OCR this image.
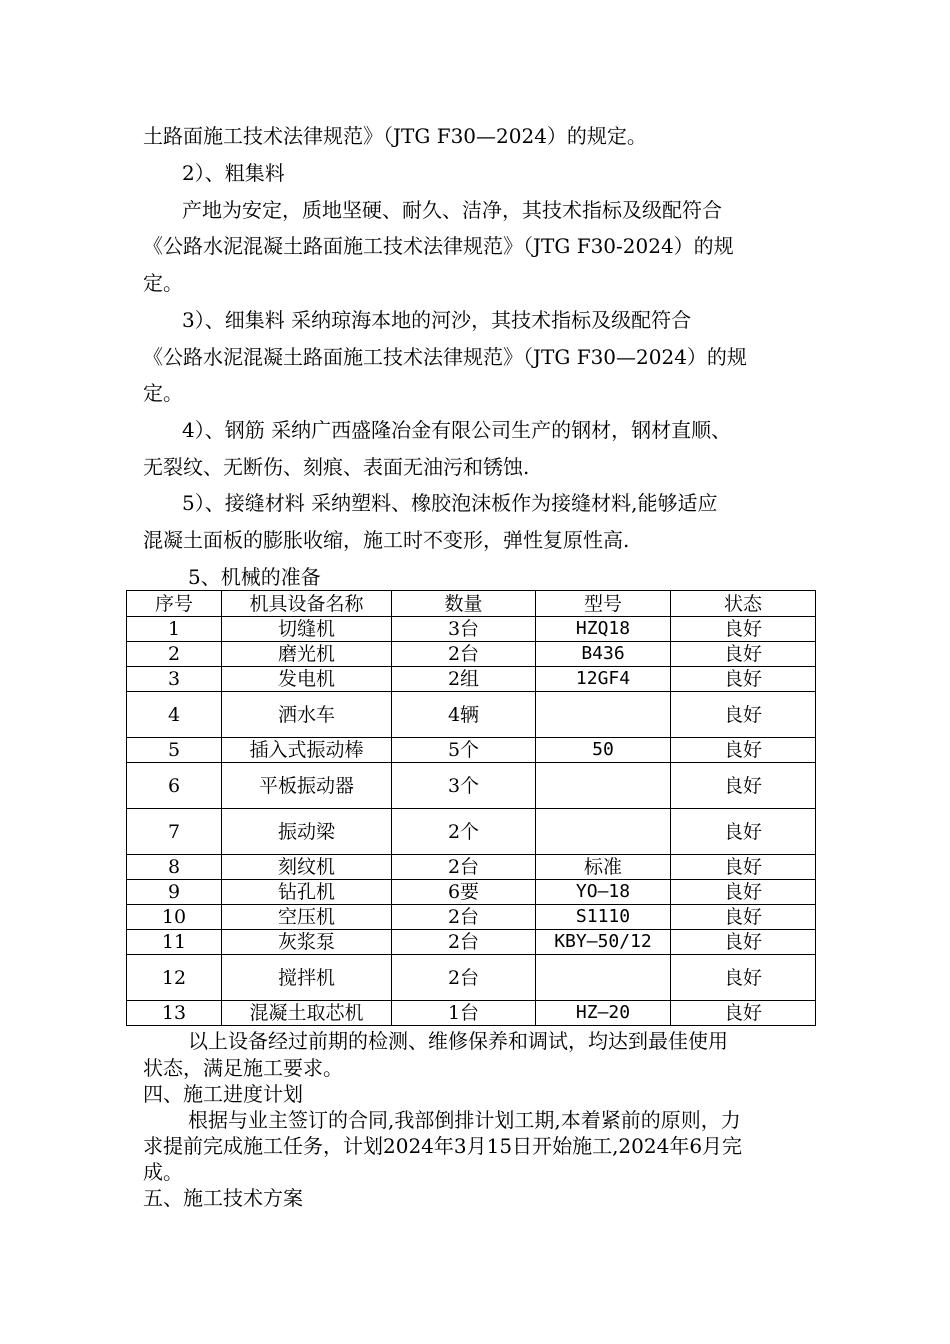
土路面施工技术法律规范》（JTG F30—2024）的规定。
2）、粗集料
产地为安定，质地坚硬、耐久、洁净，其技术指标及级配符合
《公路水泥混凝土路面施工技术法律规范》（JTG F30-2024）的规
定。
3）、细集料 采纳琼海本地的河沙，其技术指标及级配符合
《公路水泥混凝土路面施工技术法律规范》（JTG F30—2024）的规
定。
4）、钢筋 采纳广西盛隆冶金有限公司生产的钢材，钢材直顺、
无裂纹、无断伤、刻痕、表面无油污和锈蚀.
5）、接缝材料 采纳塑料、橡胶泡沫板作为接缝材料,能够适应
混凝土面板的膨胀收缩，施工时不变形，弹性复原性高.
5、机械的准备
序号	机具设备名称	数量	型号	状态
1	切缝机	3台	HZQ18	良好
2	磨光机	2台	B436	良好
3	发电机	2组	12GF4	良好
4	洒水车	4辆		良好
5	插入式振动棒	5个	50	良好
6	平板振动器	3个		良好
7	振动梁	2个		良好
8	刻纹机	2台	标准	良好
9	钻孔机	6要	YO—18	良好
10	空压机	2台	S1110	良好
11	灰浆泵	2台	KBY—50/12	良好
12	搅拌机	2台		良好
13	混凝土取芯机	1台	HZ—20	良好
以上设备经过前期的检测、维修保养和调试，均达到最佳使用
状态，满足施工要求。
四、施工进度计划
根据与业主签订的合同,我部倒排计划工期,本着紧前的原则，力
求提前完成施工任务，计划2024年3月15日开始施工,2024年6月完
成。
五、施工技术方案
